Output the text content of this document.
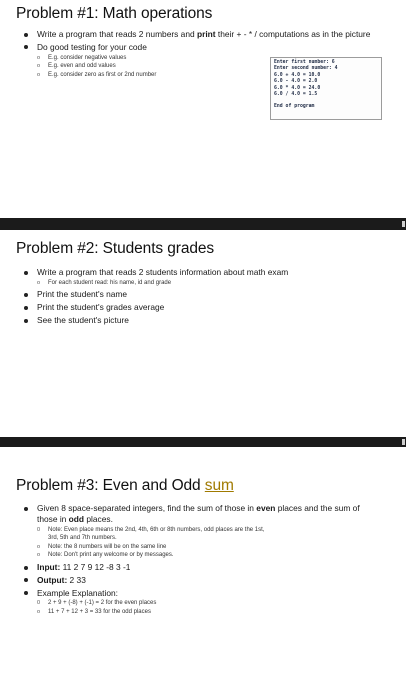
Problem #1: Math operations
Write a program that reads 2 numbers and print their + - * / computations as in the picture
Do good testing for your code
o E.g. consider negative values
o E.g. even and odd values
o E.g. consider zero as first or 2nd number
Enter first number: 6
Enter second number: 4
6.0 + 4.0 = 10.0
6.0 - 4.0 = 2.0
6.0 * 4.0 = 24.0
6.0 / 4.0 = 1.5
End of program
Problem #2: Students grades
Write a program that reads 2 students information about math exam
o For each student read: his name, id and grade
Print the student's name
Print the student's grades average
See the student's picture
Problem #3: Even and Odd sum
Given 8 space-separated integers, find the sum of those in even places and the sum of those in odd places.
0 Note: Even place means the 2nd, 4th, 6th or 8th numbers, odd places are the 1st, 3rd, 5th and 7th numbers.
o Note: the 8 numbers will be on the same line
o Note: Don't print any welcome or by messages.
Input: 11 2 7 9 12 -8 3 -1
Output: 2 33
Example Explanation:
0 2 + 9 + (-8) + (-1) = 2 for the even places
o 11 + 7 + 12 + 3 = 33 for the odd places
